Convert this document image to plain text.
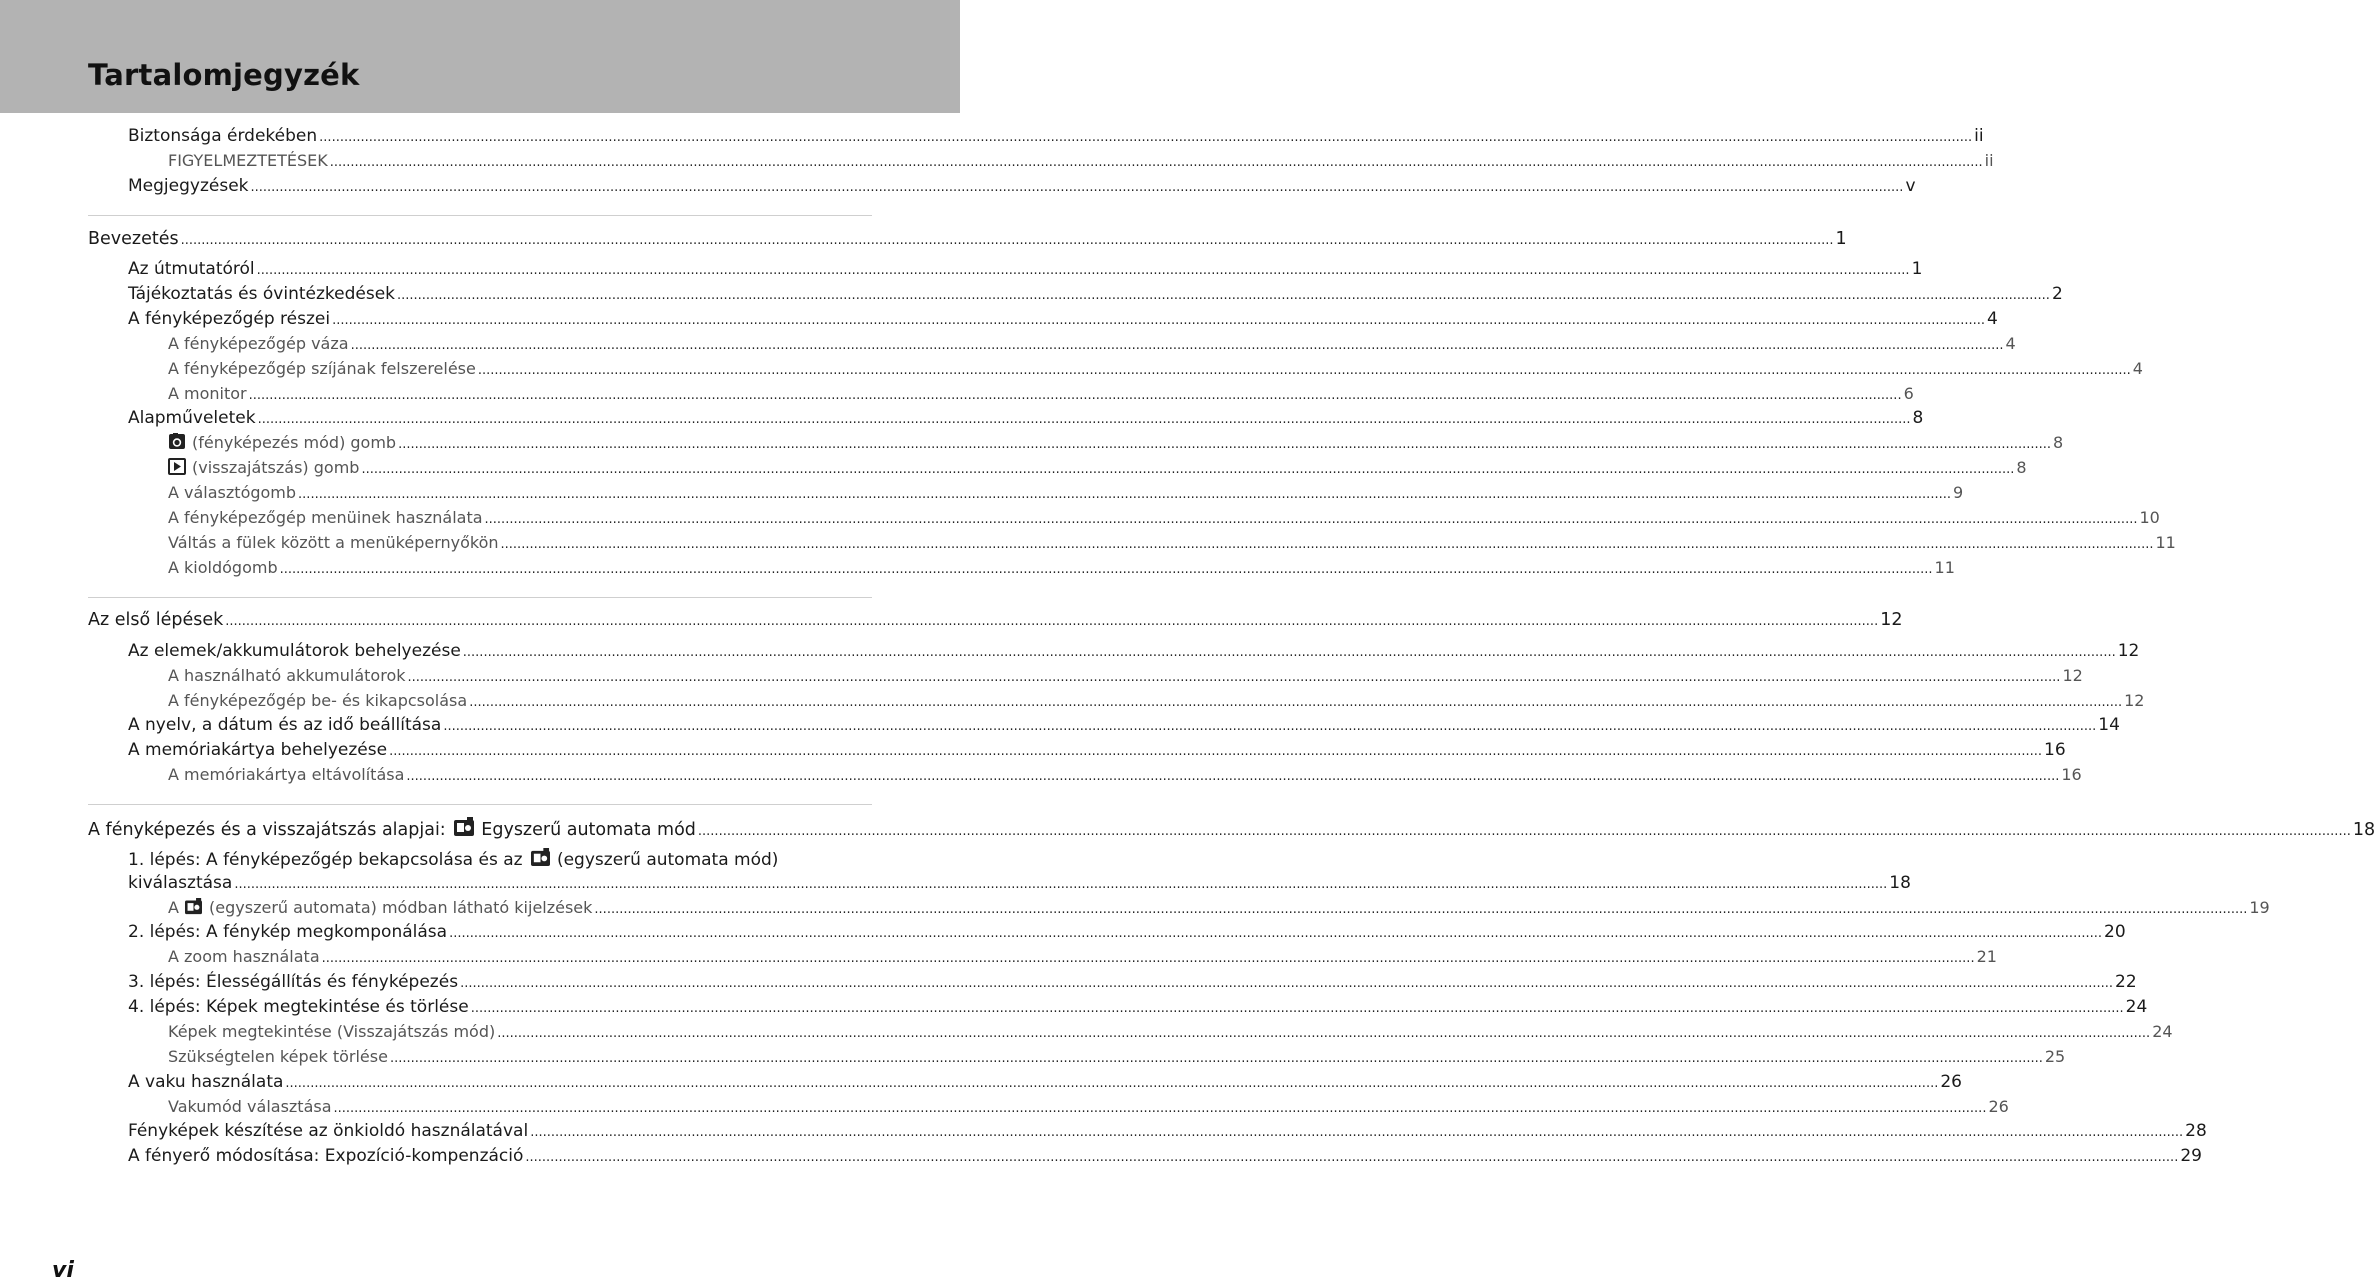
Tartalomjegyzék
Biztonsága érdekében ................................................................................................................................................................................................................................................................................................................................................................................................................ ii
FIGYELMEZTETÉSEK ................................................................................................................................................................................................................................................................................................................................................................................................................ ii
Megjegyzések ................................................................................................................................................................................................................................................................................................................................................................................................................ v
Bevezetés ................................................................................................................................................................................................................................................................................................................................................................................................................ 1
Az útmutatóról ................................................................................................................................................................................................................................................................................................................................................................................................................ 1
Tájékoztatás és óvintézkedések ................................................................................................................................................................................................................................................................................................................................................................................................................ 2
A fényképezőgép részei ................................................................................................................................................................................................................................................................................................................................................................................................................ 4
A fényképezőgép váza ................................................................................................................................................................................................................................................................................................................................................................................................................ 4
A fényképezőgép szíjának felszerelése ................................................................................................................................................................................................................................................................................................................................................................................................................ 4
A monitor ................................................................................................................................................................................................................................................................................................................................................................................................................ 6
Alapműveletek ................................................................................................................................................................................................................................................................................................................................................................................................................ 8
(fényképezés mód) gomb ................................................................................................................................................................................................................................................................................................................................................................................................................ 8
(visszajátszás) gomb ................................................................................................................................................................................................................................................................................................................................................................................................................ 8
A választógomb ................................................................................................................................................................................................................................................................................................................................................................................................................ 9
A fényképezőgép menüinek használata ................................................................................................................................................................................................................................................................................................................................................................................................................ 10
Váltás a fülek között a menüképernyőkön ................................................................................................................................................................................................................................................................................................................................................................................................................ 11
A kioldógomb ................................................................................................................................................................................................................................................................................................................................................................................................................ 11
Az első lépések ................................................................................................................................................................................................................................................................................................................................................................................................................ 12
Az elemek/akkumulátorok behelyezése ................................................................................................................................................................................................................................................................................................................................................................................................................ 12
A használható akkumulátorok ................................................................................................................................................................................................................................................................................................................................................................................................................ 12
A fényképezőgép be- és kikapcsolása ................................................................................................................................................................................................................................................................................................................................................................................................................ 12
A nyelv, a dátum és az idő beállítása ................................................................................................................................................................................................................................................................................................................................................................................................................ 14
A memóriakártya behelyezése ................................................................................................................................................................................................................................................................................................................................................................................................................ 16
A memóriakártya eltávolítása ................................................................................................................................................................................................................................................................................................................................................................................................................ 16
A fényképezés és a visszajátszás alapjai: Egyszerű automata mód ................................................................................................................................................................................................................................................................................................................................................................................................................ 18
1. lépés: A fényképezőgép bekapcsolása és az (egyszerű automata mód)
kiválasztása ................................................................................................................................................................................................................................................................................................................................................................................................................ 18
A (egyszerű automata) módban látható kijelzések ................................................................................................................................................................................................................................................................................................................................................................................................................ 19
2. lépés: A fénykép megkomponálása ................................................................................................................................................................................................................................................................................................................................................................................................................ 20
A zoom használata ................................................................................................................................................................................................................................................................................................................................................................................................................ 21
3. lépés: Élességállítás és fényképezés ................................................................................................................................................................................................................................................................................................................................................................................................................ 22
4. lépés: Képek megtekintése és törlése ................................................................................................................................................................................................................................................................................................................................................................................................................ 24
Képek megtekintése (Visszajátszás mód) ................................................................................................................................................................................................................................................................................................................................................................................................................ 24
Szükségtelen képek törlése ................................................................................................................................................................................................................................................................................................................................................................................................................ 25
A vaku használata ................................................................................................................................................................................................................................................................................................................................................................................................................ 26
Vakumód választása ................................................................................................................................................................................................................................................................................................................................................................................................................ 26
Fényképek készítése az önkioldó használatával ................................................................................................................................................................................................................................................................................................................................................................................................................ 28
A fényerő módosítása: Expozíció-kompenzáció ................................................................................................................................................................................................................................................................................................................................................................................................................ 29
vi
